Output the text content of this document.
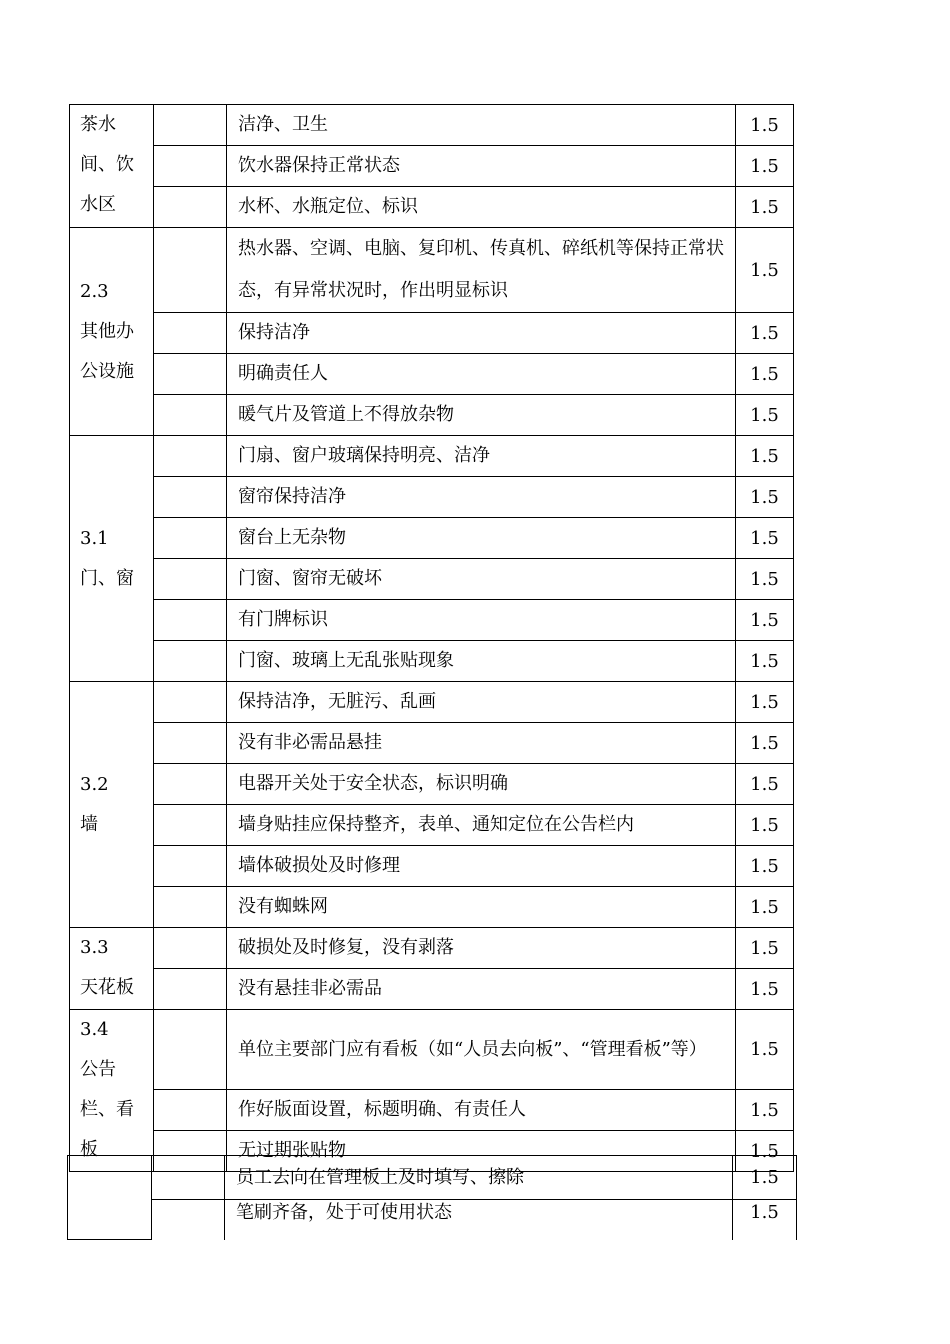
茶水
间、饮
水区		洁净、卫生	1.5
		饮水器保持正常状态	1.5
		水杯、水瓶定位、标识	1.5

2.3
其他办
公设施		热水器、空调、电脑、复印机、传真机、碎纸机等保持正常状态，有异常状况时，作出明显标识	1.5
		保持洁净	1.5
		明确责任人	1.5
		暖气片及管道上不得放杂物	1.5

3.1
门、窗		门扇、窗户玻璃保持明亮、洁净	1.5
		窗帘保持洁净	1.5
		窗台上无杂物	1.5
		门窗、窗帘无破坏	1.5
		有门牌标识	1.5
		门窗、玻璃上无乱张贴现象	1.5

3.2
墙		保持洁净，无脏污、乱画	1.5
		没有非必需品悬挂	1.5
		电器开关处于安全状态，标识明确	1.5
		墙身贴挂应保持整齐，表单、通知定位在公告栏内	1.5
		墙体破损处及时修理	1.5
		没有蜘蛛网	1.5

3.3
天花板		破损处及时修复，没有剥落	1.5
		没有悬挂非必需品	1.5

3.4
公告
栏、看
板		单位主要部门应有看板（如“人员去向板”、“管理看板”等）	1.5
		作好版面设置，标题明确、有责任人	1.5
		无过期张贴物	1.5
		员工去向在管理板上及时填写、擦除	1.5
		笔刷齐备，处于可使用状态	1.5
